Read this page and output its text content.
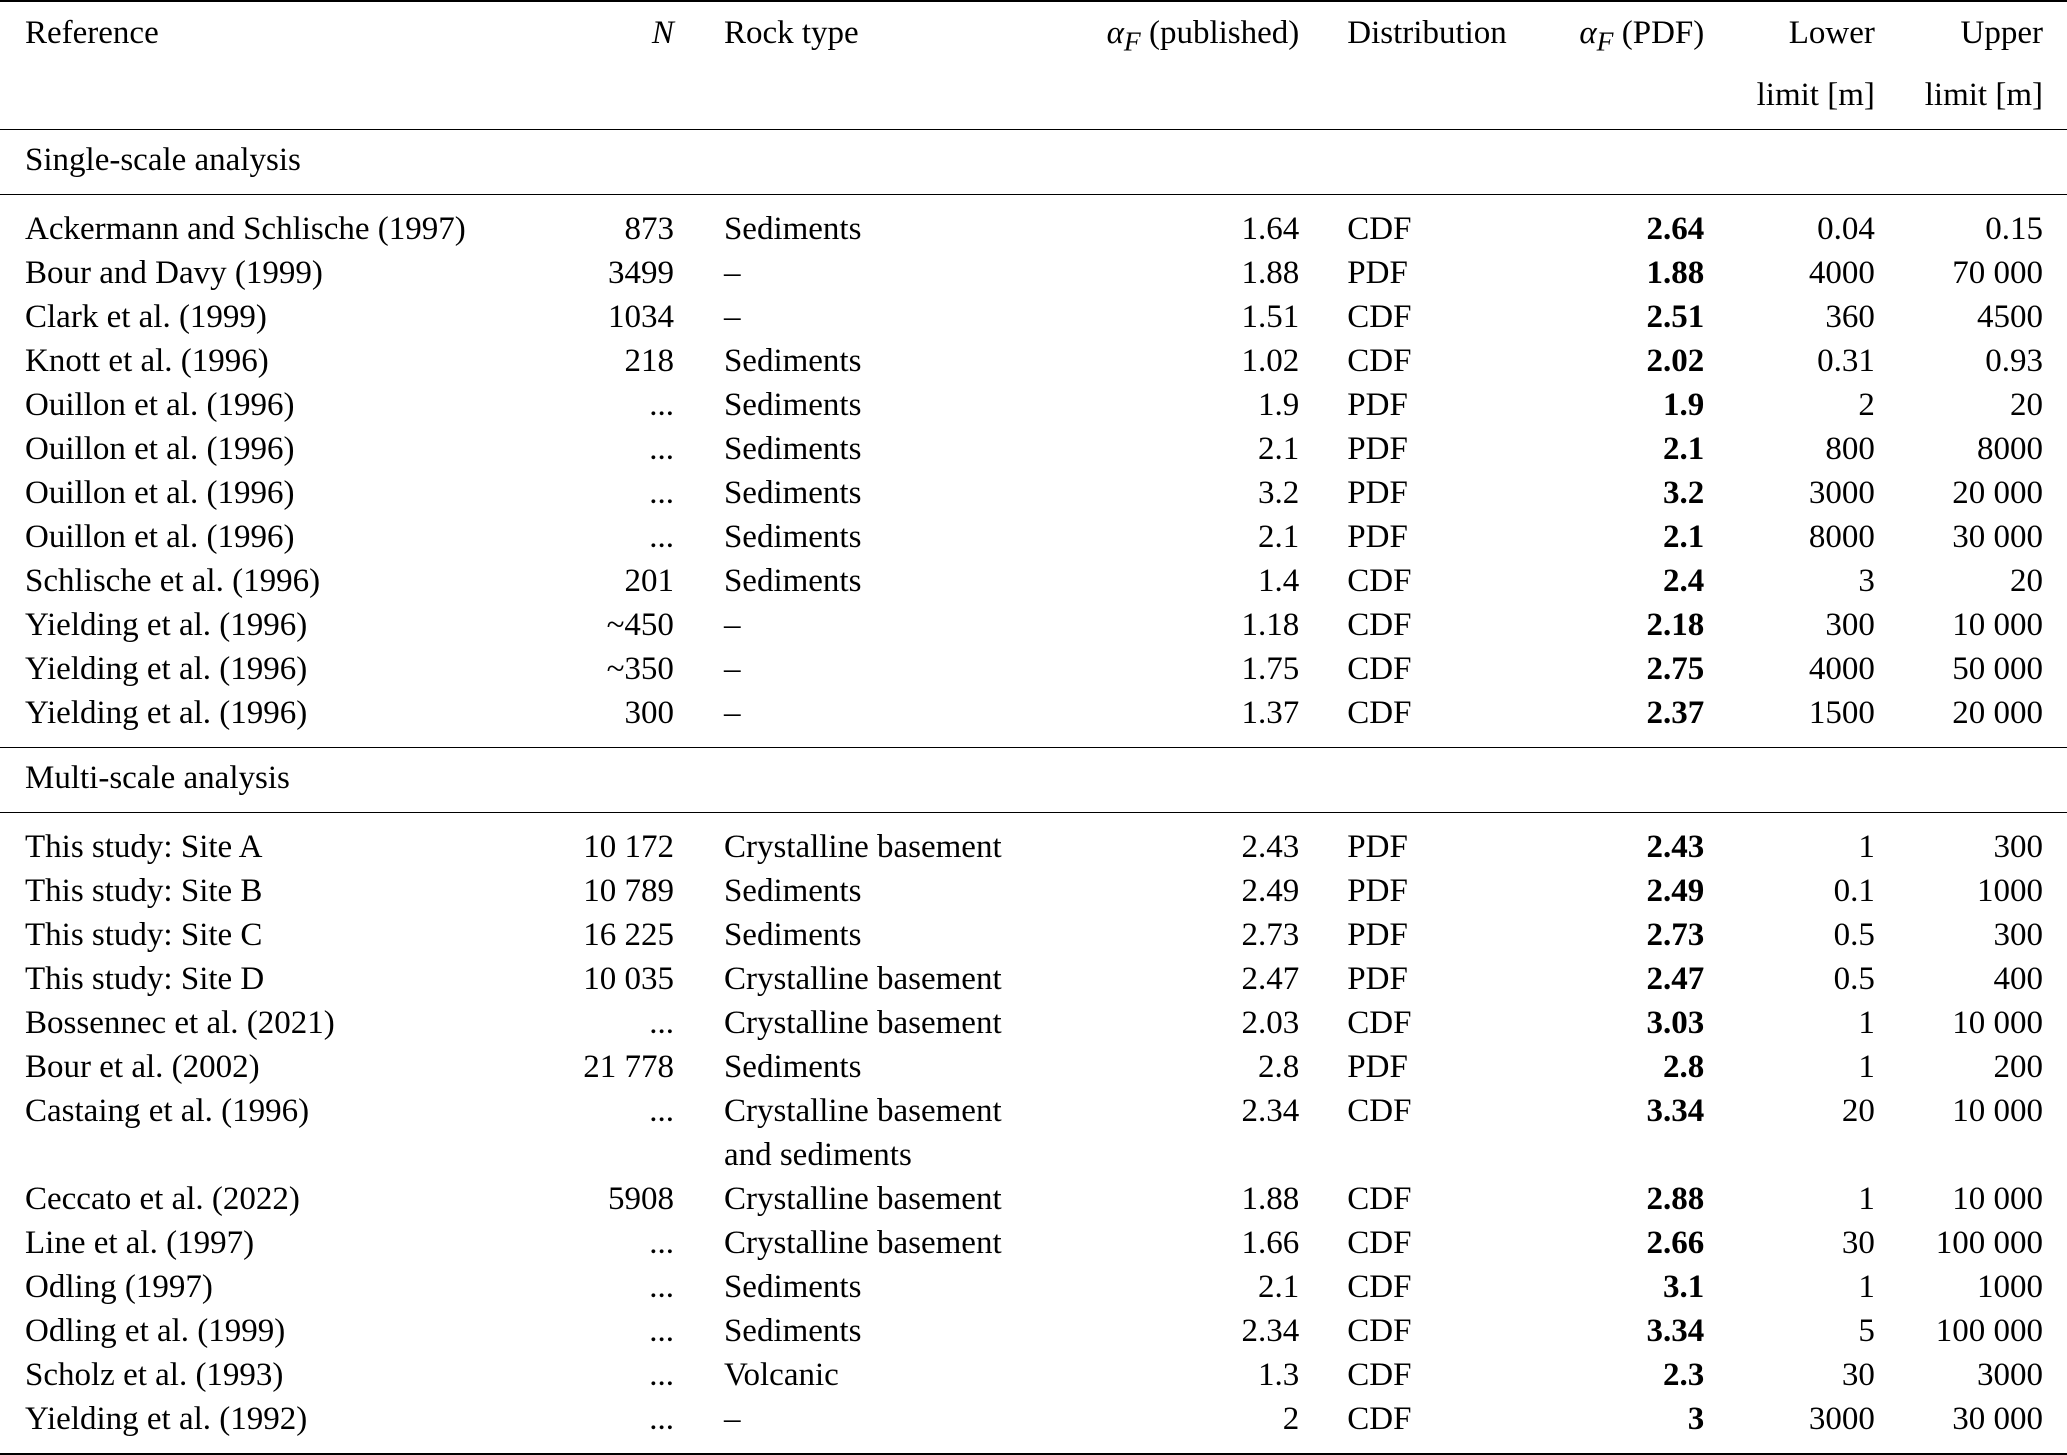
Reference	N	Rock type	$\alpha_F$ (published)	Distribution	$\alpha_F$ (PDF)	Lower	Upper
						limit [m]	limit [m]
Single-scale analysis							
Ackermann and Schlische (1997)	873	Sediments	1.64	CDF	2.64	0.04	0.15
Bour and Davy (1999)	3499	–	1.88	PDF	1.88	4000	70 000
Clark et al. (1999)	1034	–	1.51	CDF	2.51	360	4500
Knott et al. (1996)	218	Sediments	1.02	CDF	2.02	0.31	0.93
Ouillon et al. (1996)	...	Sediments	1.9	PDF	1.9	2	20
Ouillon et al. (1996)	...	Sediments	2.1	PDF	2.1	800	8000
Ouillon et al. (1996)	...	Sediments	3.2	PDF	3.2	3000	20 000
Ouillon et al. (1996)	...	Sediments	2.1	PDF	2.1	8000	30 000
Schlische et al. (1996)	201	Sediments	1.4	CDF	2.4	3	20
Yielding et al. (1996)	~450	–	1.18	CDF	2.18	300	10 000
Yielding et al. (1996)	~350	–	1.75	CDF	2.75	4000	50 000
Yielding et al. (1996)	300	–	1.37	CDF	2.37	1500	20 000
Multi-scale analysis							
This study: Site A	10 172	Crystalline basement	2.43	PDF	2.43	1	300
This study: Site B	10 789	Sediments	2.49	PDF	2.49	0.1	1000
This study: Site C	16 225	Sediments	2.73	PDF	2.73	0.5	300
This study: Site D	10 035	Crystalline basement	2.47	PDF	2.47	0.5	400
Bossennec et al. (2021)	...	Crystalline basement	2.03	CDF	3.03	1	10 000
Bour et al. (2002)	21 778	Sediments	2.8	PDF	2.8	1	200
Castaing et al. (1996)	...	Crystalline basement and sediments	2.34	CDF	3.34	20	10 000
Ceccato et al. (2022)	5908	Crystalline basement	1.88	CDF	2.88	1	10 000
Line et al. (1997)	...	Crystalline basement	1.66	CDF	2.66	30	100 000
Odling (1997)	...	Sediments	2.1	CDF	3.1	1	1000
Odling et al. (1999)	...	Sediments	2.34	CDF	3.34	5	100 000
Scholz et al. (1993)	...	Volcanic	1.3	CDF	2.3	30	3000
Yielding et al. (1992)	...	–	2	CDF	3	3000	30 000
